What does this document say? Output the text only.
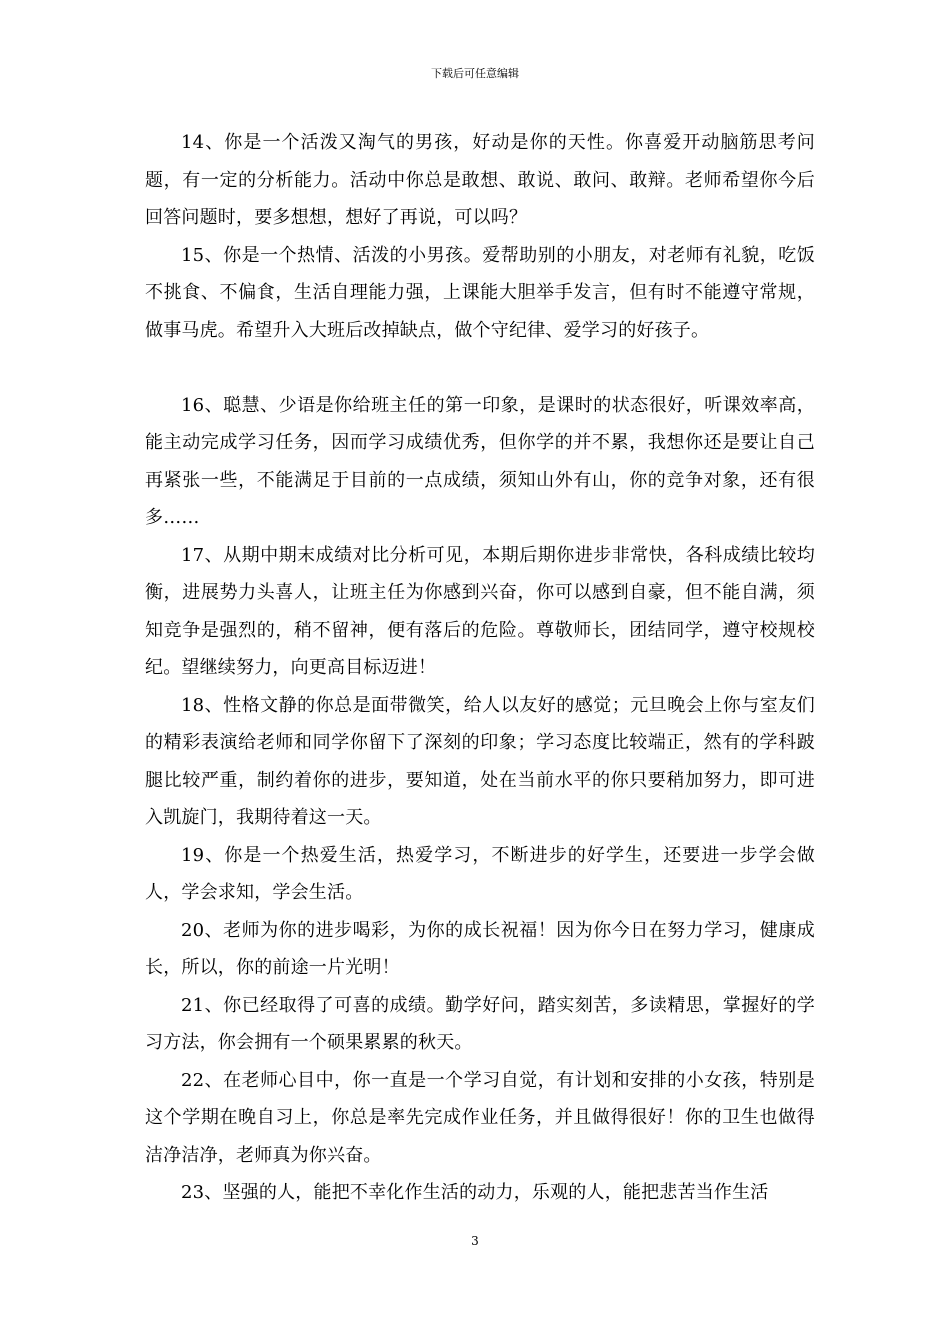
下载后可任意编辑

14、你是一个活泼又淘气的男孩，好动是你的天性。你喜爱开动脑筋思考问题，有一定的分析能力。活动中你总是敢想、敢说、敢问、敢辩。老师希望你今后回答问题时，要多想想，想好了再说，可以吗？

15、你是一个热情、活泼的小男孩。爱帮助别的小朋友，对老师有礼貌，吃饭不挑食、不偏食，生活自理能力强，上课能大胆举手发言，但有时不能遵守常规，做事马虎。希望升入大班后改掉缺点，做个守纪律、爱学习的好孩子。

16、聪慧、少语是你给班主任的第一印象，是课时的状态很好，听课效率高，能主动完成学习任务，因而学习成绩优秀，但你学的并不累，我想你还是要让自己再紧张一些，不能满足于目前的一点成绩，须知山外有山，你的竞争对象，还有很多……

17、从期中期末成绩对比分析可见，本期后期你进步非常快，各科成绩比较均衡，进展势力头喜人，让班主任为你感到兴奋，你可以感到自豪，但不能自满，须知竞争是强烈的，稍不留神，便有落后的危险。尊敬师长，团结同学，遵守校规校纪。望继续努力，向更高目标迈进！

18、性格文静的你总是面带微笑，给人以友好的感觉；元旦晚会上你与室友们的精彩表演给老师和同学你留下了深刻的印象；学习态度比较端正，然有的学科跛腿比较严重，制约着你的进步，要知道，处在当前水平的你只要稍加努力，即可进入凯旋门，我期待着这一天。

19、你是一个热爱生活，热爱学习，不断进步的好学生，还要进一步学会做人，学会求知，学会生活。

20、老师为你的进步喝彩，为你的成长祝福！因为你今日在努力学习，健康成长，所以，你的前途一片光明！

21、你已经取得了可喜的成绩。勤学好问，踏实刻苦，多读精思，掌握好的学习方法，你会拥有一个硕果累累的秋天。

22、在老师心目中，你一直是一个学习自觉，有计划和安排的小女孩，特别是这个学期在晚自习上，你总是率先完成作业任务，并且做得很好！你的卫生也做得洁净洁净，老师真为你兴奋。

23、坚强的人，能把不幸化作生活的动力，乐观的人，能把悲苦当作生活

3
